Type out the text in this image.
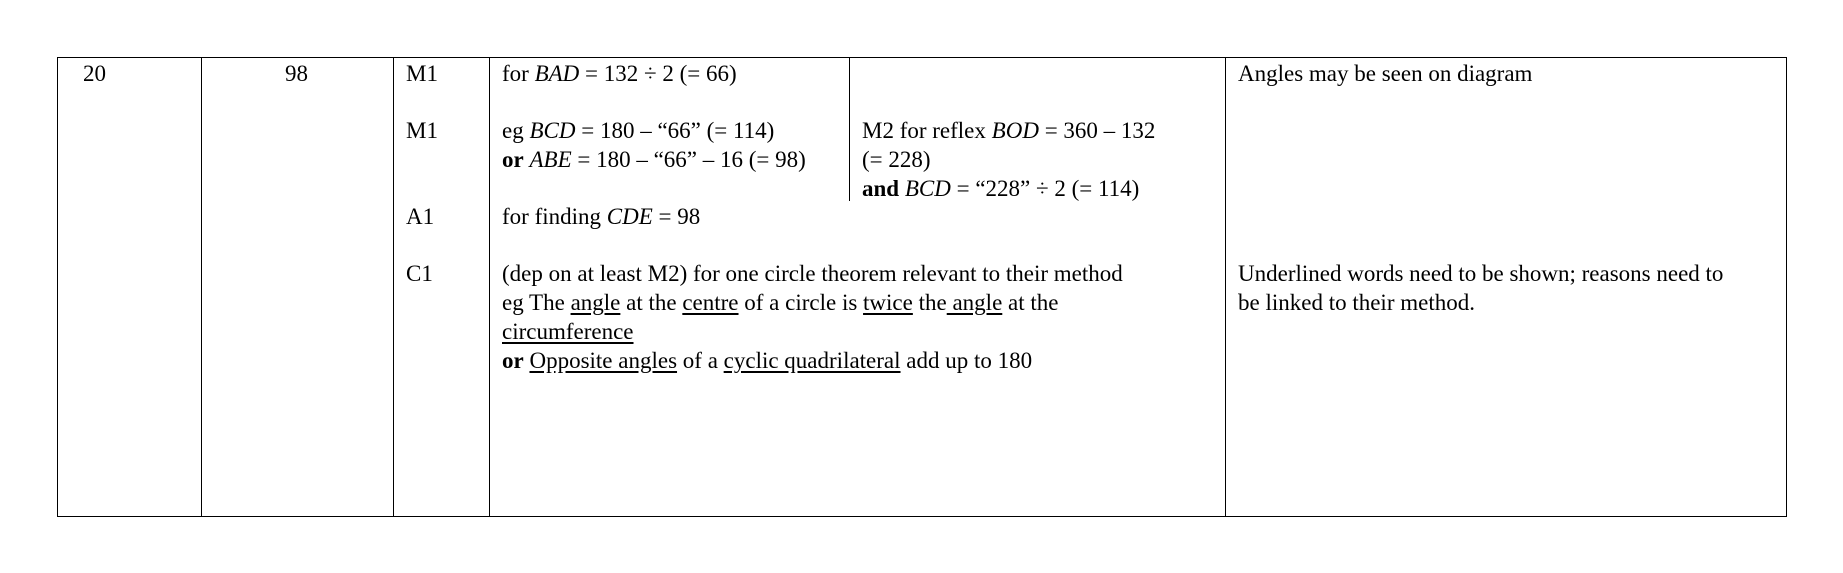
20	98	M1
M1
A1
C1
for BAD = 132 ÷ 2 (= 66)
eg BCD = 180 – “66” (= 114)
or ABE = 180 – “66” – 16 (= 98)
M2 for reflex BOD = 360 – 132
(= 228)
and BCD = “228” ÷ 2 (= 114)
for finding CDE = 98
(dep on at least M2) for one circle theorem relevant to their method
eg The angle at the centre of a circle is twice the angle at the
circumference
or Opposite angles of a cyclic quadrilateral add up to 180
Angles may be seen on diagram
Underlined words need to be shown; reasons need to
be linked to their method.
